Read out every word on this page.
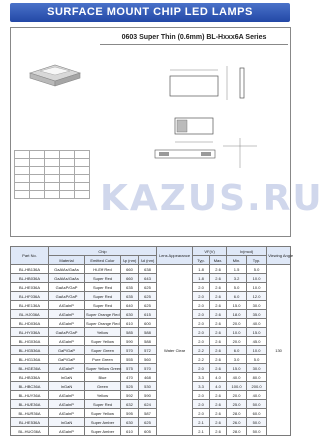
SURFACE MOUNT CHIP LED LAMPS
0603 Super Thin (0.6mm) BL-Hxxx6A Series

KAZUS.RU
Part No.	Chip				Lens Appearance	VF(V)		Iv(mcd)		Viewing Angle
	Material	Emitted Color	λp (nm)	λd (nm)		Typ.	Max.	Min.	Typ.	
BL-HB136A	GaAlAs/GaAs	Hi-Eff Red	660	638	Water Clear	1.8	2.6	1.5	5.0	130
BL-HB036A	GaAlAs/GaAs	Super Red	660	643		1.8	2.6	3.2	10.0	
BL-HE036A	GaAsP/GaP	Super Red	635	625		2.0	2.6	5.0	10.0	
BL-HF036A	GaAsP/GaP	Super Red	635	625		2.0	2.6	6.0	12.0	
BL-HE136A	AlGaInP	Super Red	640	625		2.0	2.6	15.0	30.0	
BL-HJ036A	AlGaInP	Super Orange Red	630	615		2.0	2.6	18.0	35.0	
BL-HD036A	AlGaInP	Super Orange Red	610	600		2.0	2.6	20.0	40.0	
BL-HY036A	GaAsP/GaP	Yellow	585	588		2.0	2.6	10.0	15.0	
BL-HG036A	AlGaInP	Super Yellow	590	588		2.0	2.6	20.0	45.0	
BL-HG536A	GaP/GaP	Super Green	570	572		2.2	2.6	6.0	10.0	
BL-HG136A	GaP/GaP	Pure Green	555	560		2.2	2.6	3.0	5.0	
BL-HGE36A	AlGaInP	Super Yellow Green	575	570		2.0	2.6	15.0	30.0	
BL-HB336A	InGaN	Blue	470	468		3.3	4.0	40.0	80.0	
BL-HBC36A	InGaN	Green	525	530		3.3	4.0	100.0	200.0	
BL-HUY36A	AlGaInP	Yellow	592	590		2.0	2.6	20.0	40.0	
BL-HUE36A	AlGaInP	Super Red	632	624		2.0	2.6	25.0	50.0	
BL-HUR36A	AlGaInP	Super Yellow	595	587		2.0	2.6	28.0	60.0	
BL-HE536A	InGaN	Super Amber	630	625		2.1	2.6	26.0	50.0	
BL-HUO36A	AlGaInP	Super Amber	610	605		2.1	2.6	28.0	50.0	
